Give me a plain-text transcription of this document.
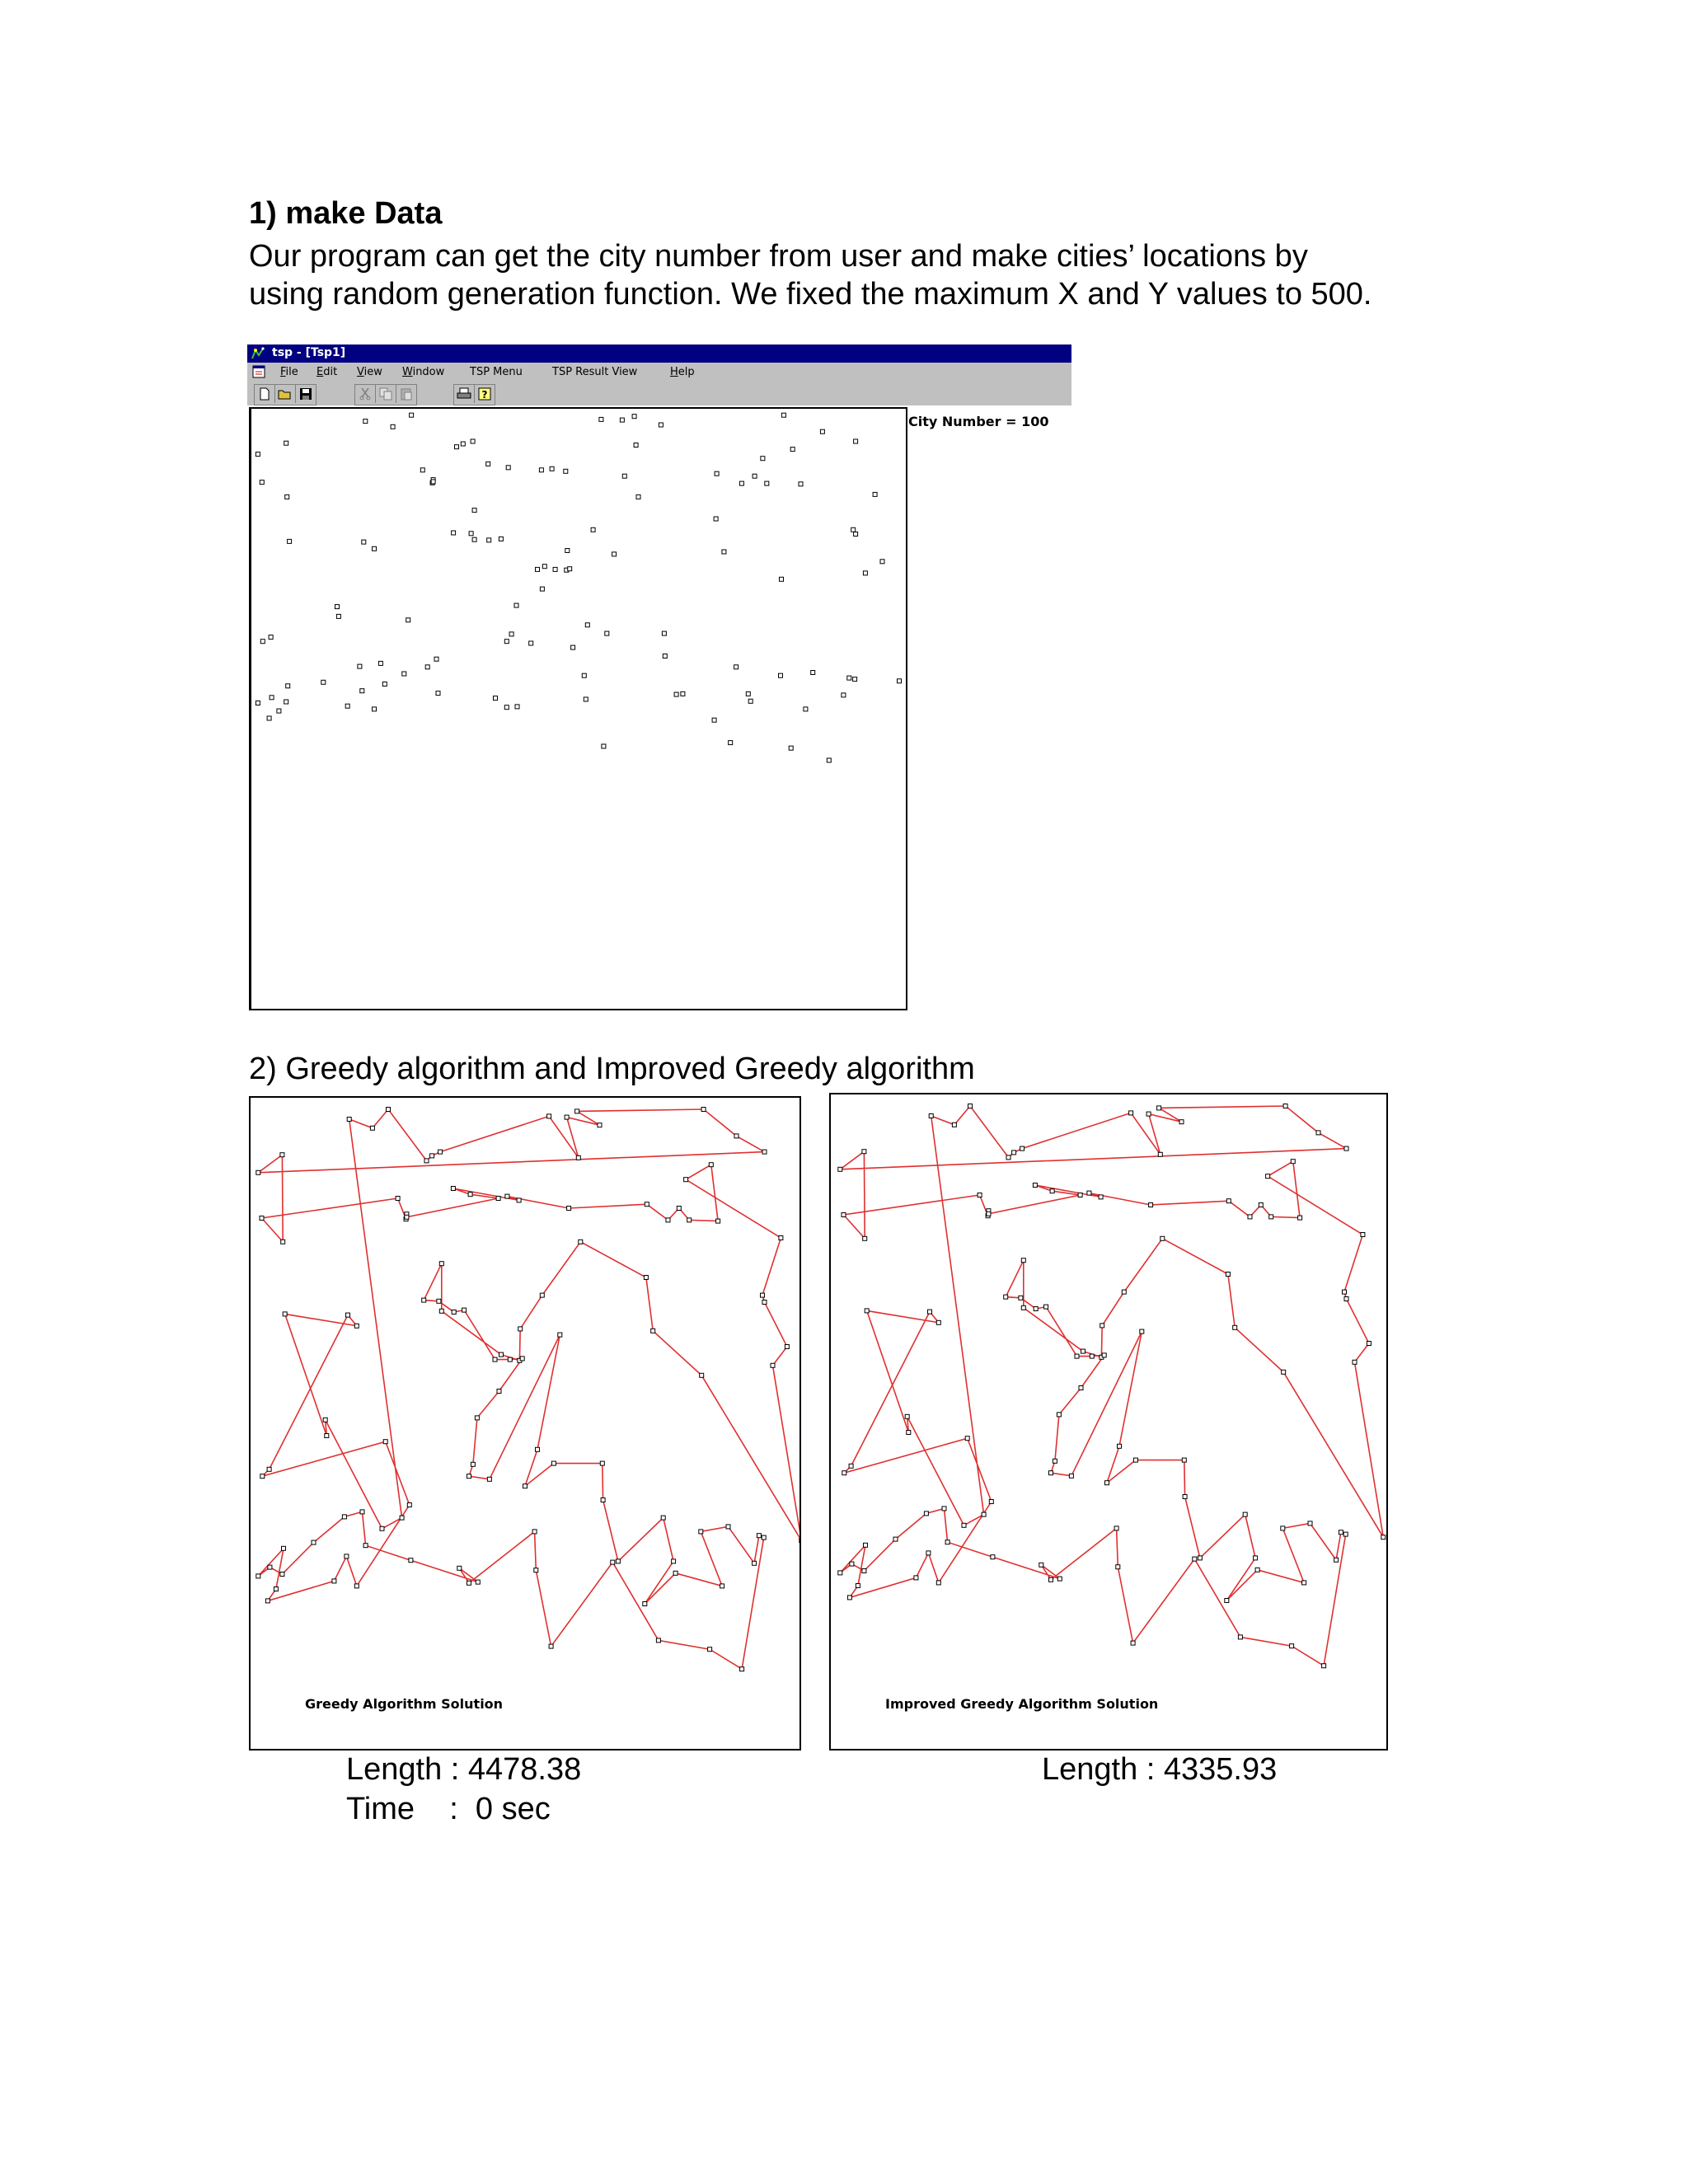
1) make Data
Our program can get the city number from user and make cities’ locations by
using random generation function. We fixed the maximum X and Y values to 500.
tsp - [Tsp1]
File Edit View Window TSP Menu	TSP Result View	Help
?
City Number = 100
2) Greedy algorithm and Improved Greedy algorithm
Greedy Algorithm Solution	Improved Greedy Algorithm Solution
Length : 4478.38
Time    :  0 sec
Length : 4335.93
